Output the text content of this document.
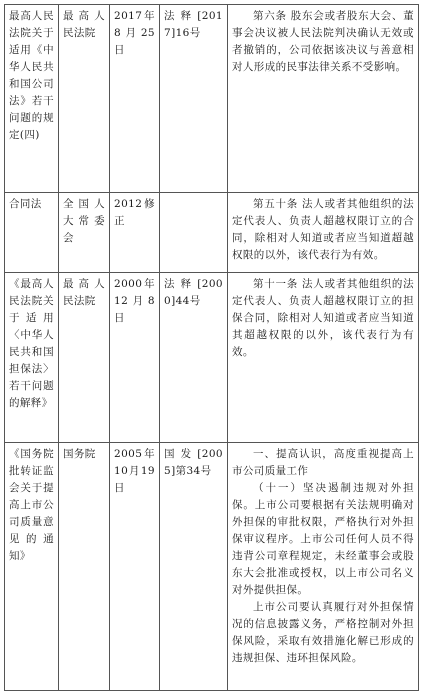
最高人民法院关于适用《中华人民共和国公司法》若干问题的规定(四)	最高人民法院	2017年8月25日	法释[2017]16号	第六条 股东会或者股东大会、董事会决议被人民法院判决确认无效或者撤销的，公司依据该决议与善意相对人形成的民事法律关系不受影响。

合同法	全国人大常委会	2012修正		第五十条 法人或者其他组织的法定代表人、负责人超越权限订立的合同，除相对人知道或者应当知道超越权限的以外，该代表行为有效。

《最高人民法院关于适用〈中华人民共和国担保法〉若干问题的解释》	最高人民法院	2000年12月8日	法释[2000]44号	第十一条 法人或者其他组织的法定代表人、负责人超越权限订立的担保合同，除相对人知道或者应当知道其超越权限的以外，该代表行为有效。

《国务院批转证监会关于提高上市公司质量意见的通知》	国务院	2005年10月19日	国发[2005]第34号	一、提高认识，高度重视提高上市公司质量工作
（十一）坚决遏制违规对外担保。上市公司要根据有关法规明确对外担保的审批权限，严格执行对外担保审议程序。上市公司任何人员不得违背公司章程规定，未经董事会或股东大会批准或授权，以上市公司名义对外提供担保。
上市公司要认真履行对外担保情况的信息披露义务，严格控制对外担保风险，采取有效措施化解已形成的违规担保、违环担保风险。
